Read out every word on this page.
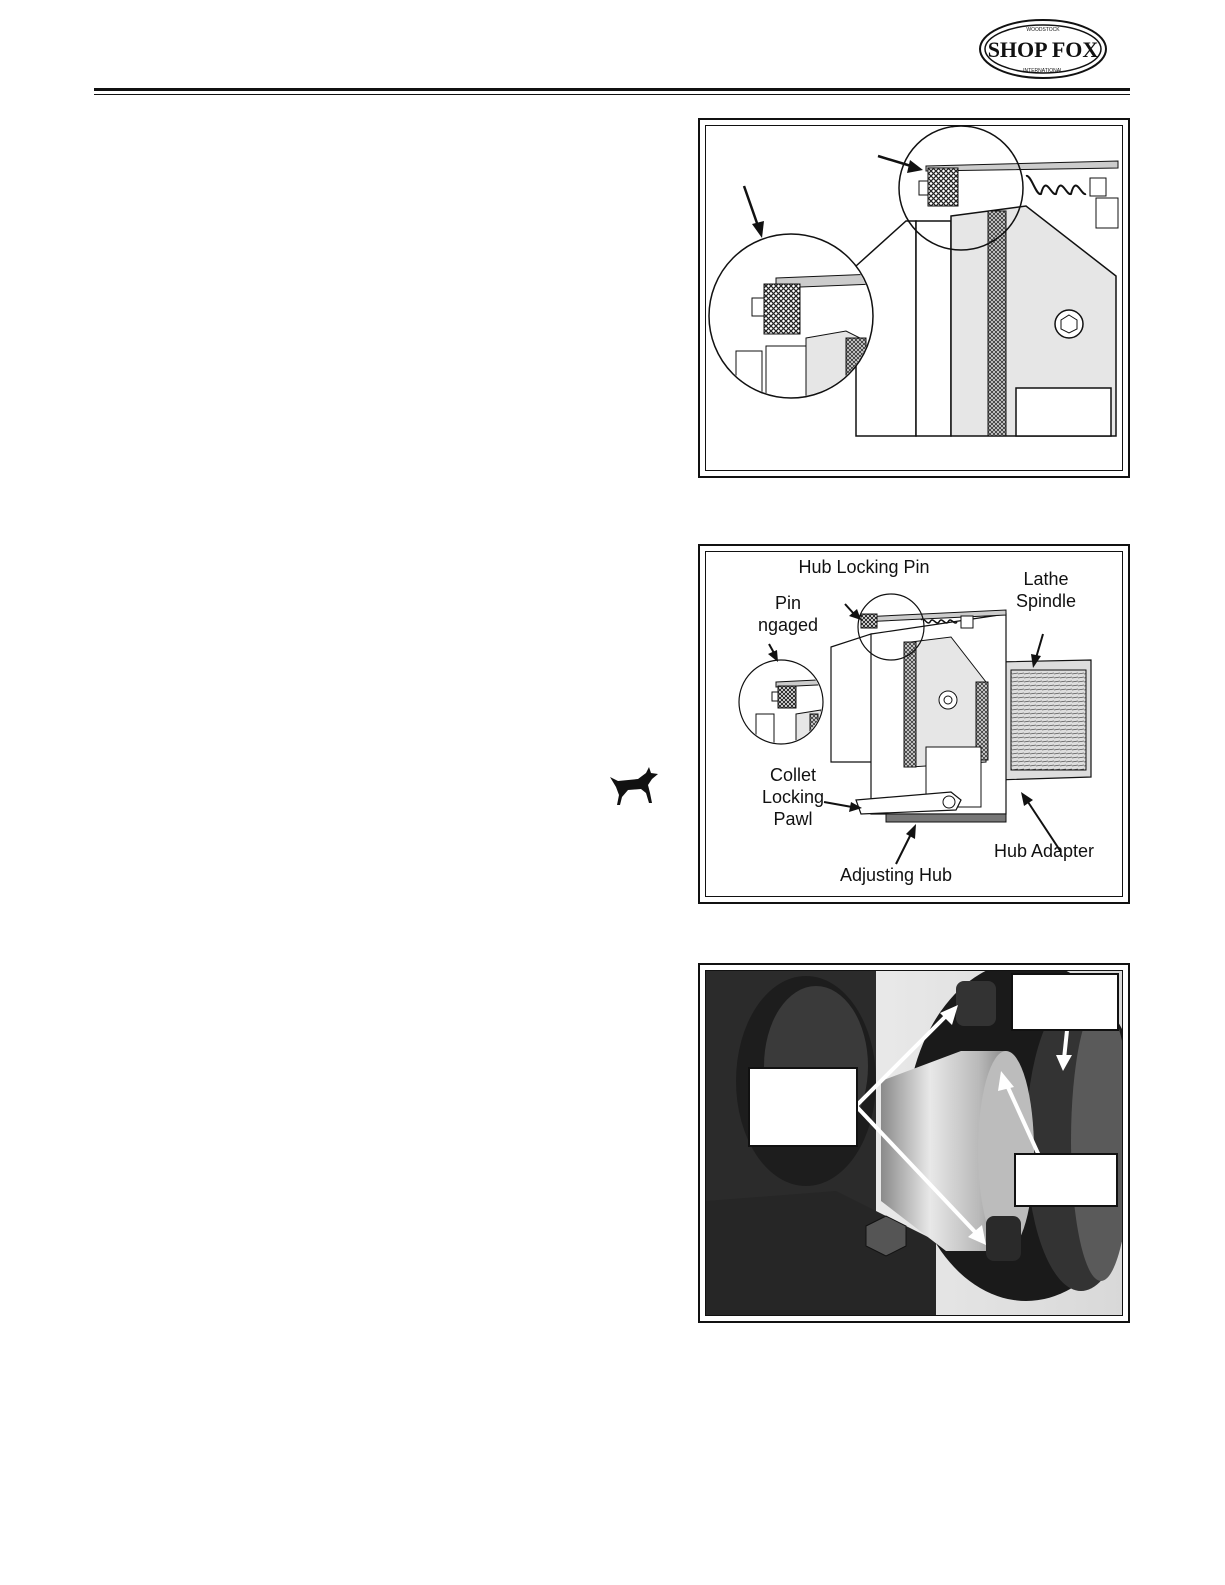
SHOP FOX
WOODSTOCK
INTERNATIONAL
Hub Locking Pin
Lathe Spindle
Pin ngaged
Collet Locking Pawl
Hub Adapter
Adjusting Hub
